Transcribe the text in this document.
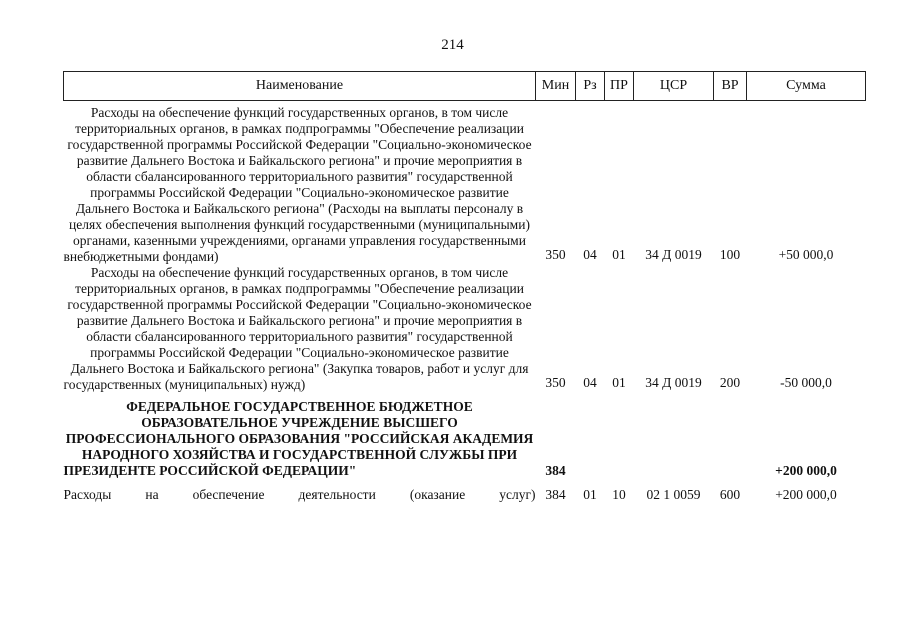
214
Наименование	Мин	Рз	ПР	ЦСР	ВР	Сумма
Расходы на обеспечение функций государственных органов, в том числе территориальных органов, в рамках подпрограммы "Обеспечение реализации государственной программы Российской Федерации "Социально-экономическое развитие Дальнего Востока и Байкальского региона" и прочие мероприятия в области сбалансированного территориального развития" государственной программы Российской Федерации "Социально-экономическое развитие Дальнего Востока и Байкальского региона" (Расходы на выплаты персоналу в целях обеспечения выполнения функций государственными (муниципальными) органами, казенными учреждениями, органами управления государственными внебюджетными фондами)	350	04	01	34 Д 0019	100	+50 000,0
Расходы на обеспечение функций государственных органов, в том числе территориальных органов, в рамках подпрограммы "Обеспечение реализации государственной программы Российской Федерации "Социально-экономическое развитие Дальнего Востока и Байкальского региона" и прочие мероприятия в области сбалансированного территориального развития" государственной программы Российской Федерации "Социально-экономическое развитие Дальнего Востока и Байкальского региона" (Закупка товаров, работ и услуг для государственных (муниципальных) нужд)	350	04	01	34 Д 0019	200	-50 000,0
ФЕДЕРАЛЬНОЕ ГОСУДАРСТВЕННОЕ БЮДЖЕТНОЕ ОБРАЗОВАТЕЛЬНОЕ УЧРЕЖДЕНИЕ ВЫСШЕГО ПРОФЕССИОНАЛЬНОГО ОБРАЗОВАНИЯ "РОССИЙСКАЯ АКАДЕМИЯ НАРОДНОГО ХОЗЯЙСТВА И ГОСУДАРСТВЕННОЙ СЛУЖБЫ ПРИ ПРЕЗИДЕНТЕ РОССИЙСКОЙ ФЕДЕРАЦИИ"	384					+200 000,0
Расходы на обеспечение деятельности (оказание услуг)	384	01	10	02 1 0059	600	+200 000,0
